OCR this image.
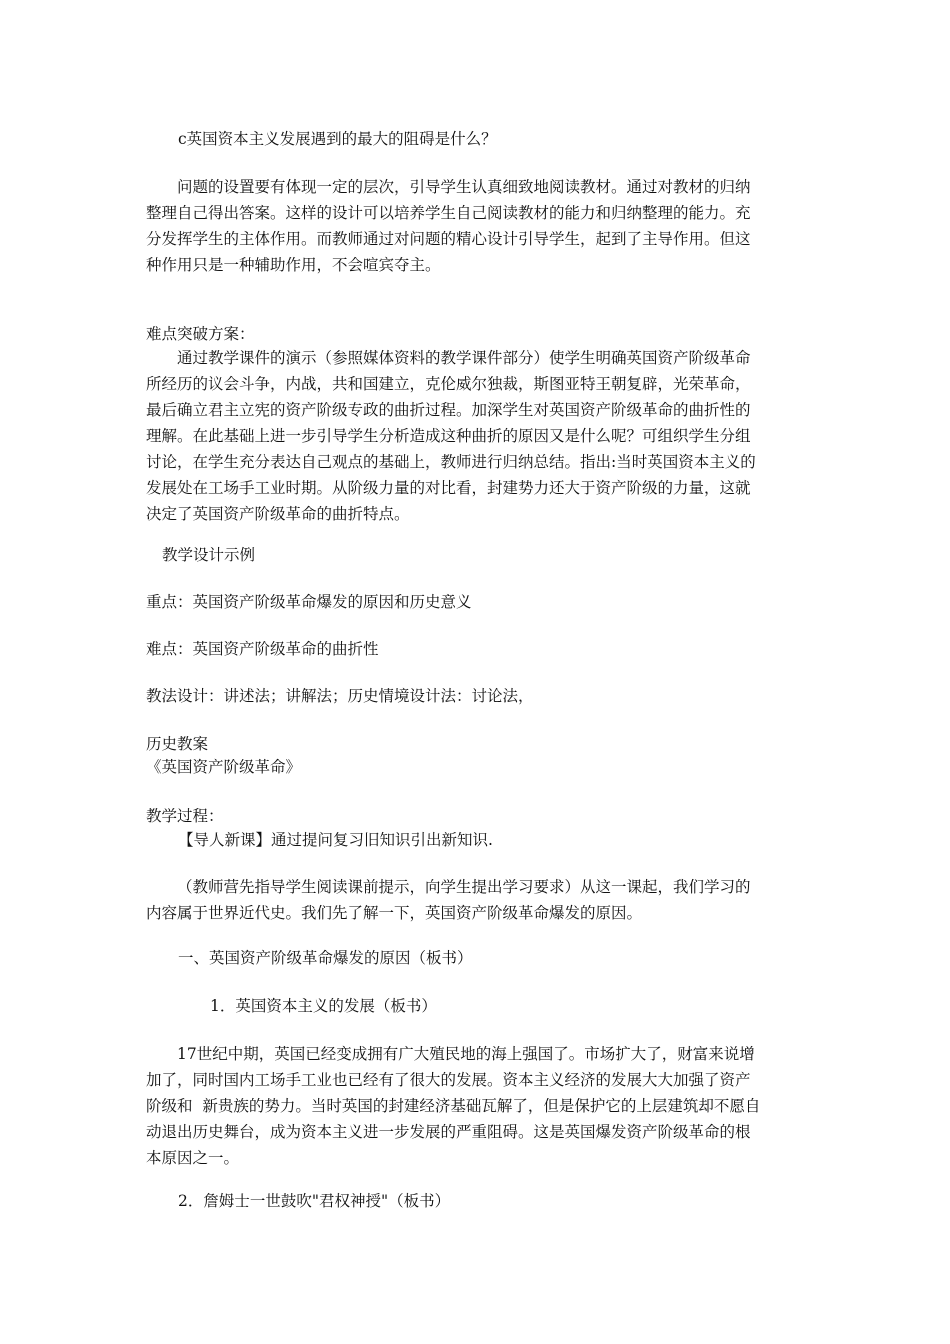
c英国资本主义发展遇到的最大的阻碍是什么？
问题的设置要有体现一定的层次，引导学生认真细致地阅读教材。通过对教材的归纳
整理自己得出答案。这样的设计可以培养学生自己阅读教材的能力和归纳整理的能力。充
分发挥学生的主体作用。而教师通过对问题的精心设计引导学生，起到了主导作用。但这
种作用只是一种辅助作用，不会喧宾夺主。
难点突破方案：
通过教学课件的演示（参照媒体资料的教学课件部分）使学生明确英国资产阶级革命
所经历的议会斗争，内战，共和国建立，克伦威尔独裁，斯图亚特王朝复辟，光荣革命，
最后确立君主立宪的资产阶级专政的曲折过程。加深学生对英国资产阶级革命的曲折性的
理解。在此基础上进一步引导学生分析造成这种曲折的原因又是什么呢？可组织学生分组
讨论，在学生充分表达自己观点的基础上，教师进行归纳总结。指出:当时英国资本主义的
发展处在工场手工业时期。从阶级力量的对比看，封建势力还大于资产阶级的力量，这就
决定了英国资产阶级革命的曲折特点。
教学设计示例
重点：英国资产阶级革命爆发的原因和历史意义
难点：英国资产阶级革命的曲折性
教法设计：讲述法；讲解法；历史情境设计法：讨论法，
历史教案
《英国资产阶级革命》
教学过程：
【导人新课】通过提问复习旧知识引出新知识.
（教师营先指导学生阅读课前提示，向学生提出学习要求）从这一课起，我们学习的
内容属于世界近代史。我们先了解一下，英国资产阶级革命爆发的原因。
一、英国资产阶级革命爆发的原因（板书）
1．英国资本主义的发展（板书）
17世纪中期，英国已经变成拥有广大殖民地的海上强国了。市场扩大了，财富来说增
加了，同时国内工场手工业也已经有了很大的发展。资本主义经济的发展大大加强了资产
阶级和  新贵族的势力。当时英国的封建经济基础瓦解了，但是保护它的上层建筑却不愿自
动退出历史舞台，成为资本主义进一步发展的严重阻碍。这是英国爆发资产阶级革命的根
本原因之一。
2．詹姆士一世鼓吹"君权神授"（板书）
